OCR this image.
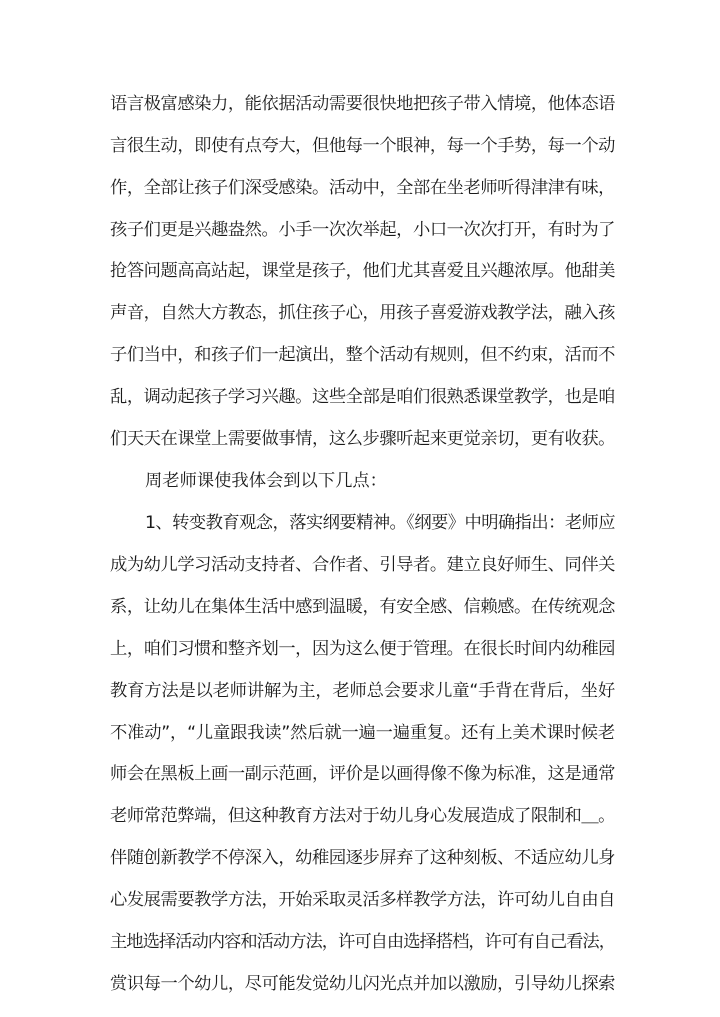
语言极富感染力，能依据活动需要很快地把孩子带入情境，他体态语
言很生动，即使有点夸大，但他每一个眼神，每一个手势，每一个动
作，全部让孩子们深受感染。活动中，全部在坐老师听得津津有味，
孩子们更是兴趣盎然。小手一次次举起，小口一次次打开，有时为了
抢答问题高高站起，课堂是孩子，他们尤其喜爱且兴趣浓厚。他甜美
声音，自然大方教态，抓住孩子心，用孩子喜爱游戏教学法，融入孩
子们当中，和孩子们一起演出，整个活动有规则，但不约束，活而不
乱，调动起孩子学习兴趣。这些全部是咱们很熟悉课堂教学，也是咱
们天天在课堂上需要做事情，这么步骤听起来更觉亲切，更有收获。
周老师课使我体会到以下几点：
1、转变教育观念，落实纲要精神。《纲要》中明确指出：老师应
成为幼儿学习活动支持者、合作者、引导者。建立良好师生、同伴关
系，让幼儿在集体生活中感到温暖，有安全感、信赖感。在传统观念
上，咱们习惯和整齐划一，因为这么便于管理。在很长时间内幼稚园
教育方法是以老师讲解为主，老师总会要求儿童“手背在背后，坐好
不准动”，“儿童跟我读”然后就一遍一遍重复。还有上美术课时候老
师会在黑板上画一副示范画，评价是以画得像不像为标准，这是通常
老师常范弊端，但这种教育方法对于幼儿身心发展造成了限制和＿。
伴随创新教学不停深入，幼稚园逐步屏弃了这种刻板、不适应幼儿身
心发展需要教学方法，开始采取灵活多样教学方法，许可幼儿自由自
主地选择活动内容和活动方法，许可自由选择搭档，许可有自己看法，
赏识每一个幼儿，尽可能发觉幼儿闪光点并加以激励，引导幼儿探索
